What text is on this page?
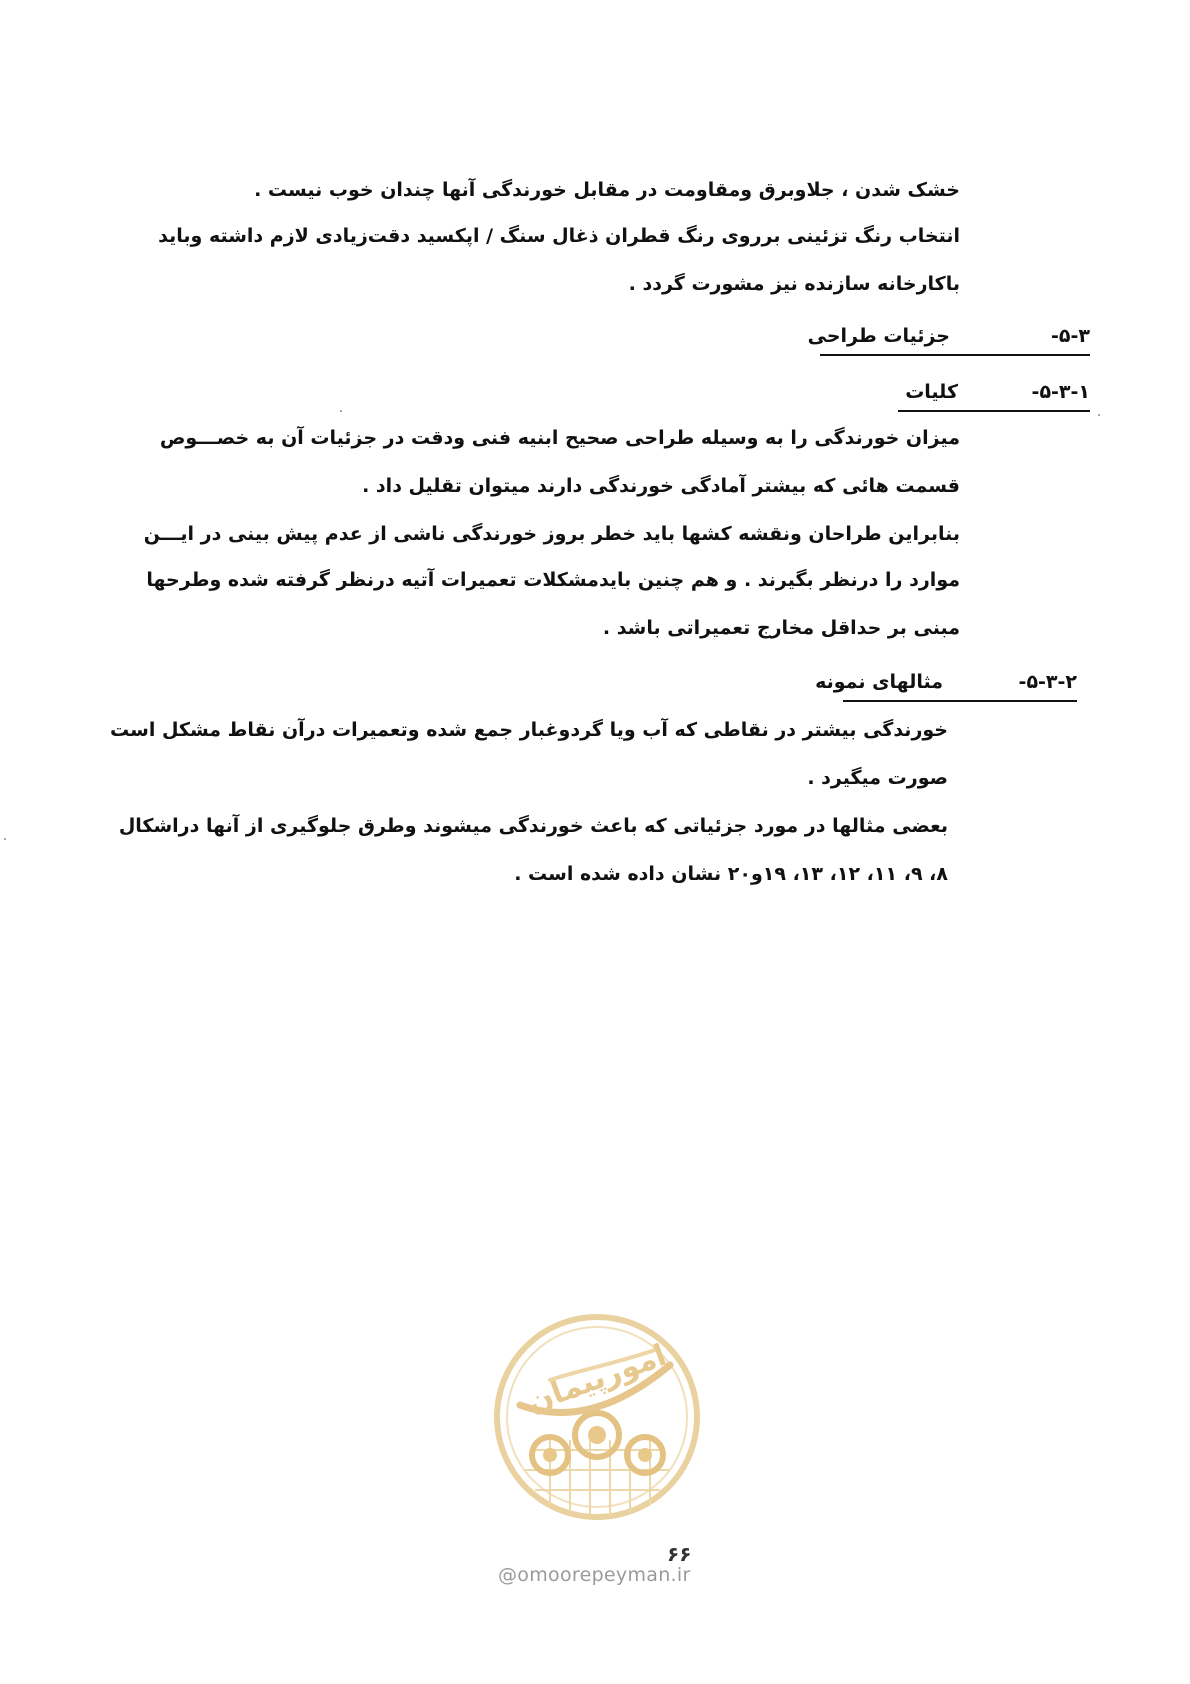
خشک شدن ، جلاوبرق ومقاومت در مقابل خورندگی آنها چندان خوب نیست .
انتخاب رنگ تزئینی برروی رنگ قطران ذغال سنگ / اپکسید دقت‌زیادی لازم داشته وباید
باکارخانه سازنده نیز مشورت گردد .
۵-۳-
جزئیات طراحی
۵-۳-۱-
کلیات
میزان خورندگی را به وسیله طراحی صحیح ابنیه فنی ودقت در جزئیات آن به خصـــوص
قسمت هائی که بیشتر آمادگی خورندگی دارند میتوان تقلیل داد .
بنابراین طراحان ونقشه کشها باید خطر بروز خورندگی ناشی از عدم پیش بینی در ایـــن
موارد را درنظر بگیرند . و هم چنین بایدمشکلات تعمیرات آتیه درنظر گرفته شده وطرحها
مبنی بر حداقل مخارج تعمیراتی باشد .
۵-۳-۲-
مثالهای نمونه
خورندگی بیشتر در نقاطی که آب ویا گردوغبار جمع شده وتعمیرات درآن نقاط مشکل است
صورت میگیرد .
بعضی مثالها در مورد جزئیاتی که باعث خورندگی میشوند وطرق جلوگیری از آنها دراشکال
۸، ۹، ۱۱، ۱۲، ۱۳، ۱۹و۲۰ نشان داده شده است .
امورپیمان
۶۶
@omoorepeyman.ir
